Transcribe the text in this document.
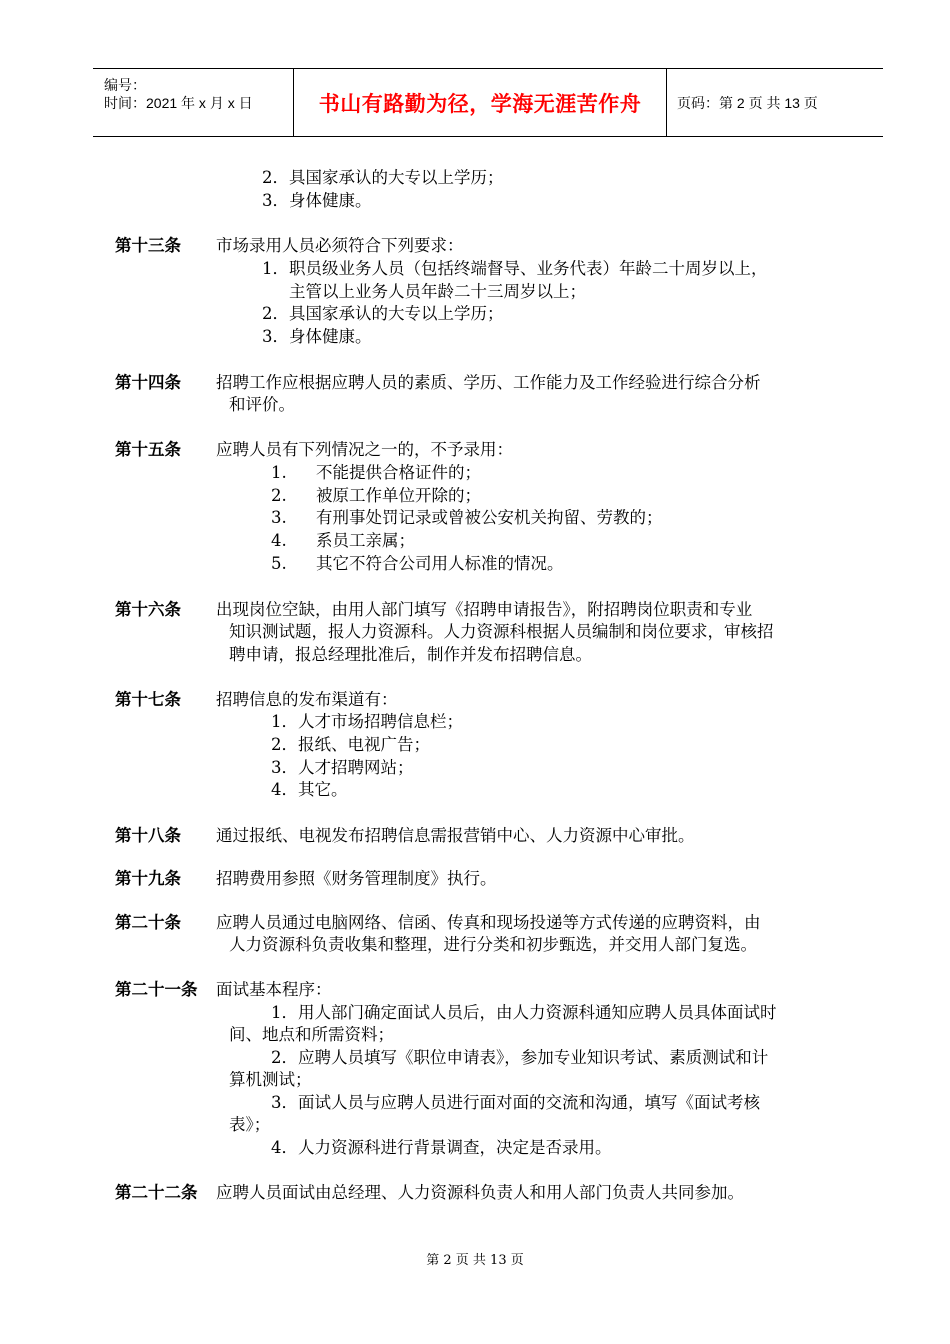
编号：
时间：2021 年 x 月 x 日	书山有路勤为径，学海无涯苦作舟	页码：第 2 页 共 13 页
2．具国家承认的大专以上学历；
3．身体健康。
第十三条 市场录用人员必须符合下列要求：
1．职员级业务人员（包括终端督导、业务代表）年龄二十周岁以上，
主管以上业务人员年龄二十三周岁以上；
2．具国家承认的大专以上学历；
3．身体健康。
第十四条 招聘工作应根据应聘人员的素质、学历、工作能力及工作经验进行综合分析
和评价。
第十五条 应聘人员有下列情况之一的，不予录用：
1. 不能提供合格证件的；
2. 被原工作单位开除的；
3. 有刑事处罚记录或曾被公安机关拘留、劳教的；
4. 系员工亲属；
5. 其它不符合公司用人标准的情况。
第十六条 出现岗位空缺，由用人部门填写《招聘申请报告》，附招聘岗位职责和专业
知识测试题，报人力资源科。人力资源科根据人员编制和岗位要求，审核招
聘申请，报总经理批准后，制作并发布招聘信息。
第十七条 招聘信息的发布渠道有：
1．人才市场招聘信息栏；
2．报纸、电视广告；
3．人才招聘网站；
4．其它。
第十八条 通过报纸、电视发布招聘信息需报营销中心、人力资源中心审批。
第十九条 招聘费用参照《财务管理制度》执行。
第二十条 应聘人员通过电脑网络、信函、传真和现场投递等方式传递的应聘资料，由
人力资源科负责收集和整理，进行分类和初步甄选，并交用人部门复选。
第二十一条 面试基本程序：
1．用人部门确定面试人员后，由人力资源科通知应聘人员具体面试时
间、地点和所需资料；
2．应聘人员填写《职位申请表》，参加专业知识考试、素质测试和计
算机测试；
3．面试人员与应聘人员进行面对面的交流和沟通，填写《面试考核
表》；
4．人力资源科进行背景调查，决定是否录用。
第二十二条 应聘人员面试由总经理、人力资源科负责人和用人部门负责人共同参加。
第 2 页 共 13 页
